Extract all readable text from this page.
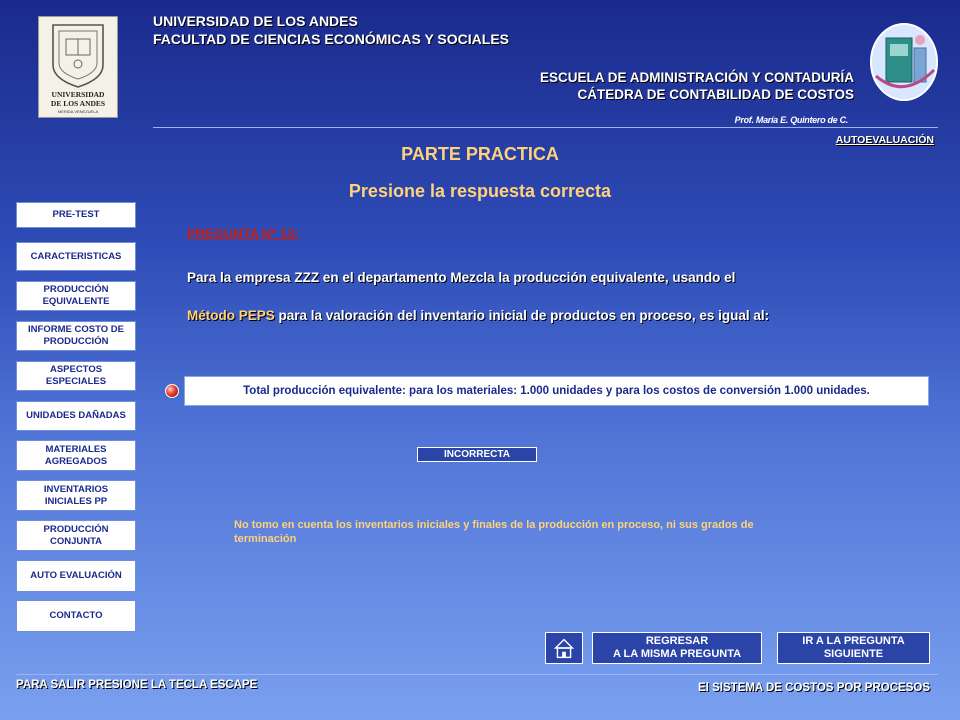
UNIVERSIDAD
DE LOS ANDES
MERIDA VENEZUELA
UNIVERSIDAD DE LOS ANDES
FACULTAD DE CIENCIAS ECONÓMICAS Y SOCIALES
ESCUELA DE ADMINISTRACIÓN Y CONTADURÍA
CÁTEDRA DE CONTABILIDAD DE COSTOS
Prof. María E. Quintero de C.
AUTOEVALUACIÓN
PARTE PRACTICA
Presione la respuesta correcta
PRE-TEST
CARACTERISTICAS
PRODUCCIÓN EQUIVALENTE
INFORME COSTO DE PRODUCCIÓN
ASPECTOS ESPECIALES
UNIDADES DAÑADAS
MATERIALES AGREGADOS
INVENTARIOS INICIALES PP
PRODUCCIÓN CONJUNTA
AUTO EVALUACIÓN
CONTACTO
PREGUNTA Nº 13:
Para la empresa ZZZ en el departamento Mezcla la producción equivalente, usando el
Método PEPS para la valoración del inventario inicial de productos en proceso, es igual al:
Total producción equivalente: para los materiales: 1.000 unidades y para los costos de conversión 1.000 unidades.
INCORRECTA
No tomo en cuenta los inventarios iniciales y finales de la producción en proceso, ni sus grados de terminación
REGRESAR
A LA MISMA PREGUNTA
IR A LA PREGUNTA
SIGUIENTE
PARA SALIR PRESIONE LA TECLA ESCAPE	El SISTEMA DE COSTOS POR PROCESOS
